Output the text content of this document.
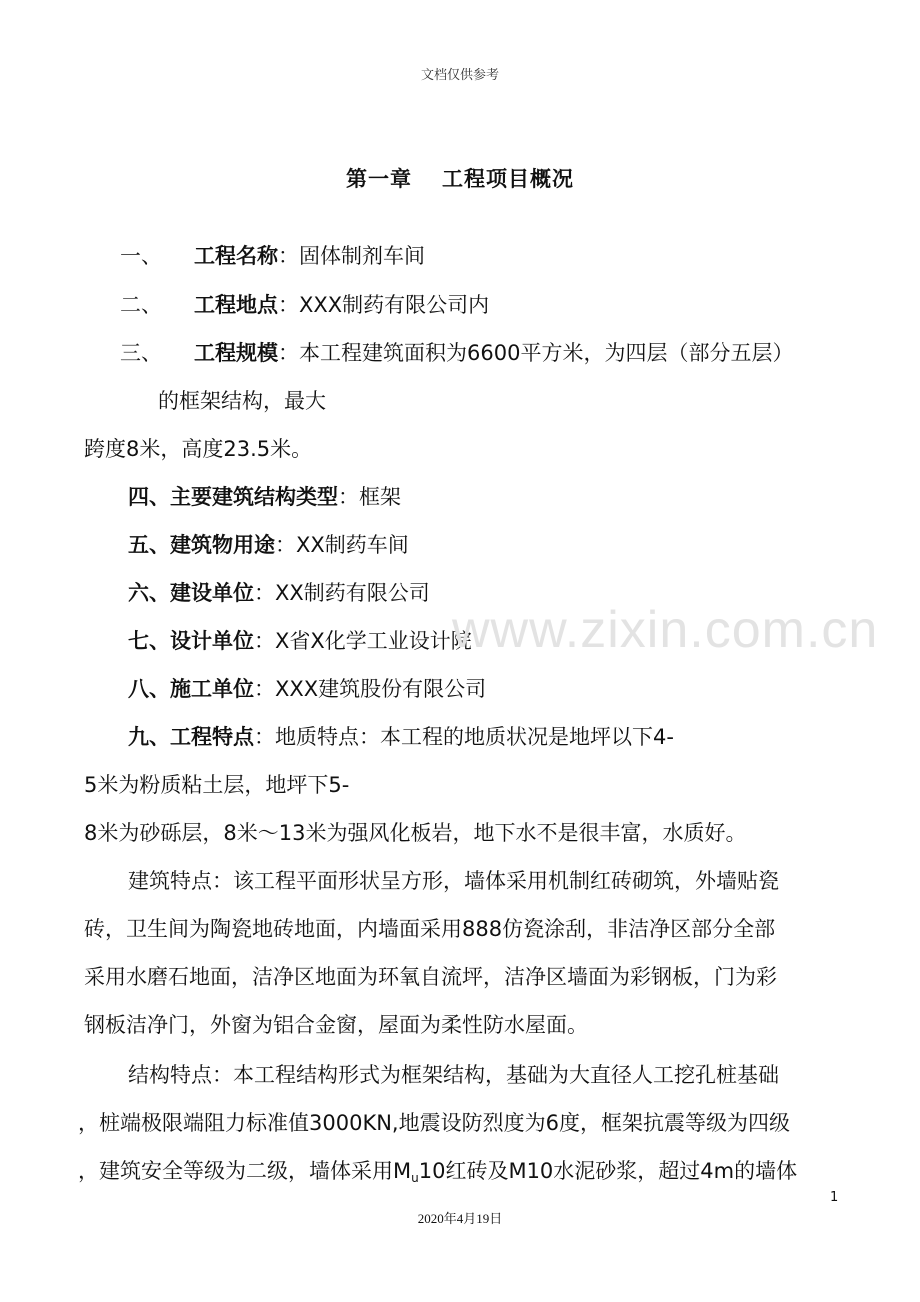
文档仅供参考
第一章 工程项目概况
一、 工程名称：固体制剂车间
二、 工程地点：XXX制药有限公司内
三、 工程规模：本工程建筑面积为6600平方米，为四层（部分五层）
的框架结构，最大
跨度8米，高度23.5米。
四、主要建筑结构类型：框架
五、建筑物用途：XX制药车间
六、建设单位：XX制药有限公司
七、设计单位：X省X化学工业设计院
八、施工单位：XXX建筑股份有限公司
九、工程特点：地质特点：本工程的地质状况是地坪以下4-
5米为粉质粘土层，地坪下5-
8米为砂砾层，8米～13米为强风化板岩，地下水不是很丰富，水质好。
建筑特点：该工程平面形状呈方形，墙体采用机制红砖砌筑，外墙贴瓷
砖，卫生间为陶瓷地砖地面，内墙面采用888仿瓷涂刮，非洁净区部分全部
采用水磨石地面，洁净区地面为环氧自流坪，洁净区墙面为彩钢板，门为彩
钢板洁净门，外窗为铝合金窗，屋面为柔性防水屋面。
结构特点：本工程结构形式为框架结构，基础为大直径人工挖孔桩基础
，桩端极限端阻力标准值3000KN,地震设防烈度为6度，框架抗震等级为四级
，建筑安全等级为二级，墙体采用$M_u10$红砖及M10水泥砂浆，超过4m的墙体
www.zixin.com.cn
1
2020年4月19日
